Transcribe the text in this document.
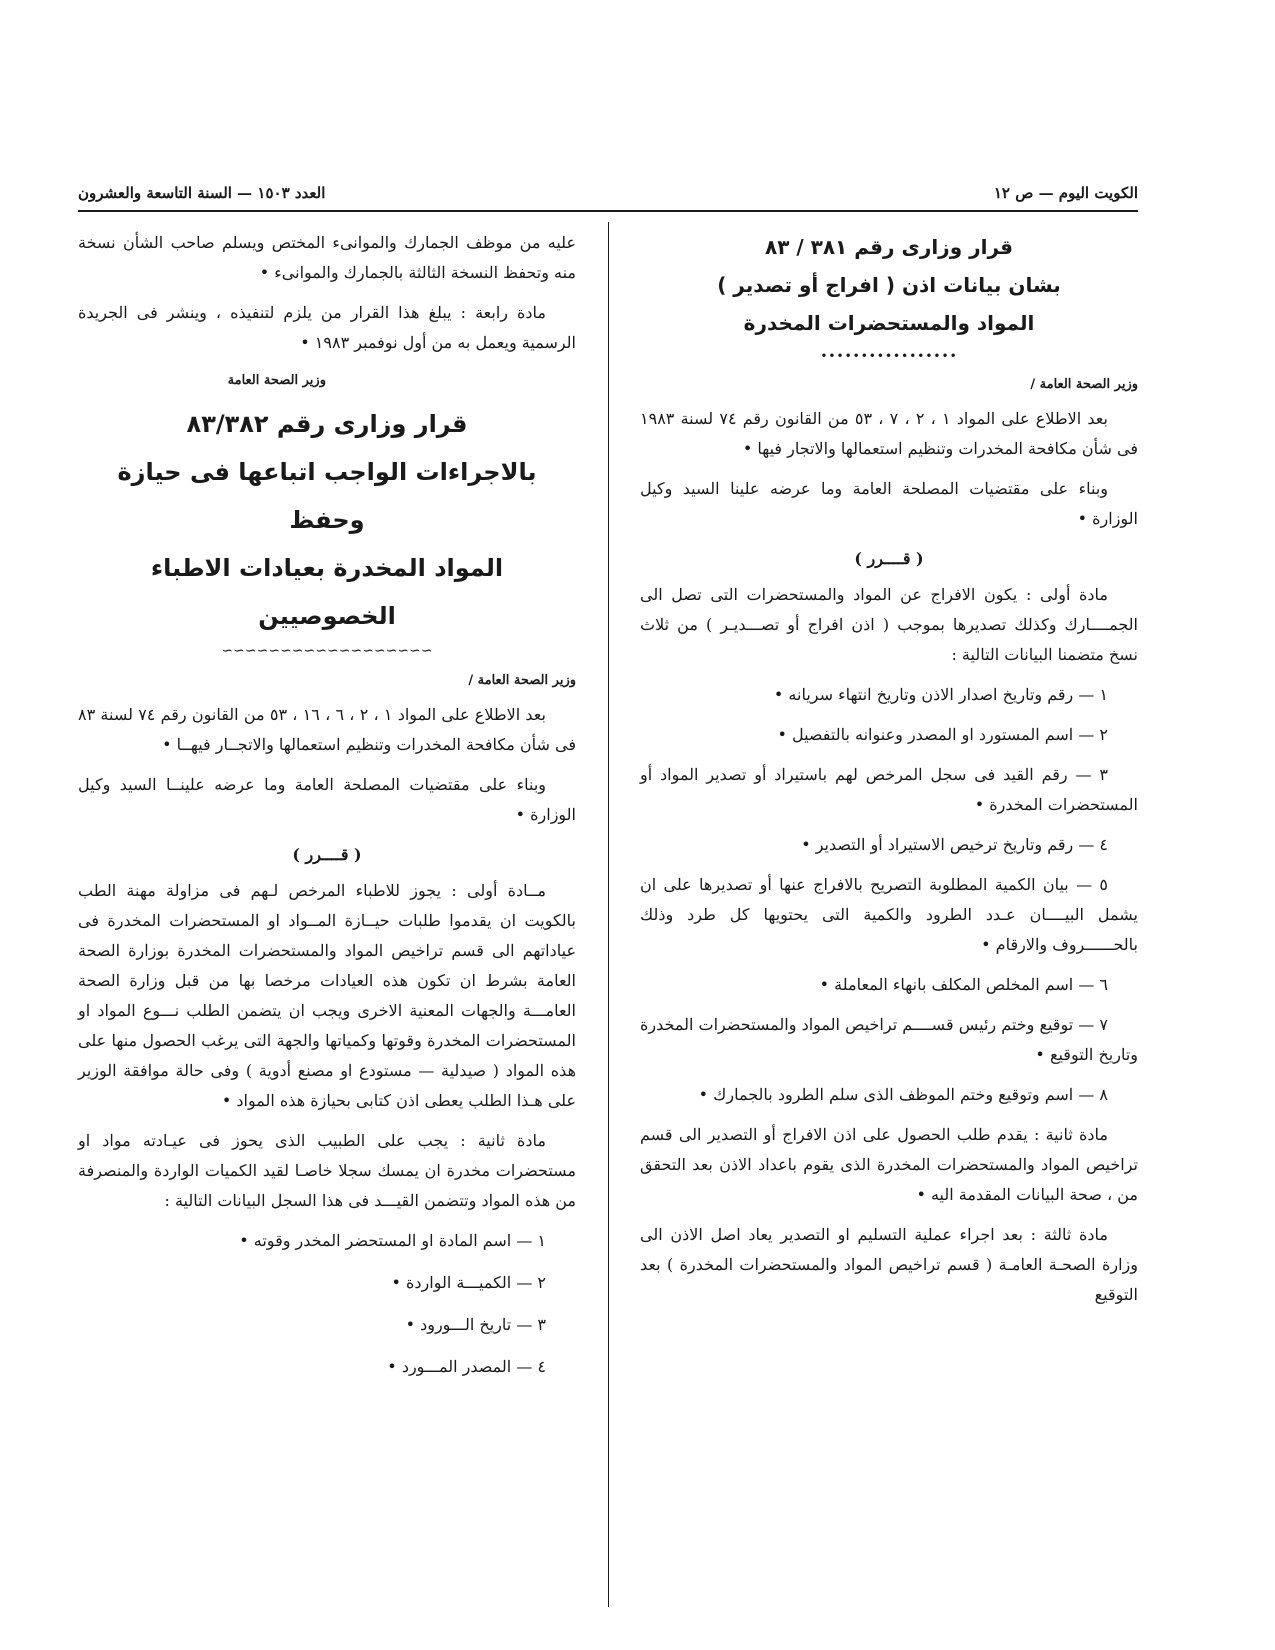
الكويت اليوم — ص ١٢
العدد ١٥٠٣ — السنة التاسعة والعشرون
قرار وزارى رقم ٣٨١ / ٨٣
بشان بيانات اذن ( افراج أو تصدير )
المواد والمستحضرات المخدرة
•••••••••••••••••
وزير الصحة العامة /

بعد الاطلاع على المواد ١ ، ٢ ، ٧ ، ٥٣ من القانون رقم ٧٤ لسنة ١٩٨٣ فى شأن مكافحة المخدرات وتنظيم استعمالها والاتجار فيها •

وبناء على مقتضيات المصلحة العامة وما عرضه علينا السيد وكيل الوزارة •

( قــــرر )

مادة أولى : يكون الافراج عن المواد والمستحضرات التى تصل الى الجمــــارك وكذلك تصديرها بموجب ( اذن افراج أو تصـــديـر ) من ثلاث نسخ متضمنا البيانات التالية :

١ — رقم وتاريخ اصدار الاذن وتاريخ انتهاء سريانه •

٢ — اسم المستورد او المصدر وعنوانه بالتفصيل •

٣ — رقم القيد فى سجل المرخص لهم باستيراد أو تصدير المواد أو المستحضرات المخدرة •

٤ — رقم وتاريخ ترخيص الاستيراد أو التصدير •

٥ — بيان الكمية المطلوبة التصريح بالافراج عنها أو تصديرها على ان يشمل البيــــان عـدد الطرود والكمية التى يحتويها كل طرد وذلك بالحــــــروف والارقام •

٦ — اسم المخلص المكلف بانهاء المعاملة •

٧ — توقيع وختم رئيس قســــم تراخيص المواد والمستحضرات المخدرة وتاريخ التوقيع •

٨ — اسم وتوقيع وختم الموظف الذى سلم الطرود بالجمارك •

مادة ثانية : يقدم طلب الحصول على اذن الافراج أو التصدير الى قسم تراخيص المواد والمستحضرات المخدرة الذى يقوم باعداد الاذن بعد التحقق من ، صحة البيانات المقدمة اليه •

مادة ثالثة : بعد اجراء عملية التسليم او التصدير يعاد اصل الاذن الى وزارة الصحـة العامـة ( قسم تراخيص المواد والمستحضرات المخدرة ) بعد التوقيع

عليه من موظف الجمارك والموانىء المختص ويسلم صاحب الشأن نسخة منه وتحفظ النسخة الثالثة بالجمارك والموانىء •

مادة رابعة : يبلغ هذا القرار من يلزم لتنفيذه ، وينشر فى الجريدة الرسمية ويعمل به من أول نوفمبر ١٩٨٣ •

وزير الصحة العامة
قرار وزارى رقم ٨٣/٣٨٢
بالاجراءات الواجب اتباعها فى حيازة وحفظ
المواد المخدرة بعيادات الاطباء الخصوصيين
∼∼∼∼∼∼∼∼∼∼∼∼∼∼∼∼∼∼
وزير الصحة العامة /

بعد الاطلاع على المواد ١ ، ٢ ، ٦ ، ١٦ ، ٥٣ من القانون رقم ٧٤ لسنة ٨٣ فى شأن مكافحة المخدرات وتنظيم استعمالها والاتجــار فيهــا •

وبناء على مقتضيات المصلحة العامة وما عرضه علينــا السيد وكيل الوزارة •

( قــــرر )

مــادة أولى : يجوز للاطباء المرخص لـهم فى مزاولة مهنة الطب بالكويت ان يقدموا طلبات حيــازة المــواد او المستحضرات المخدرة فى عياداتهم الى قسم تراخيص المواد والمستحضرات المخدرة بوزارة الصحة العامة بشرط ان تكون هذه العيادات مرخصا بها من قبل وزارة الصحة العامـــة والجهات المعنية الاخرى ويجب ان يتضمن الطلب نـــوع المواد او المستحضرات المخدرة وقوتها وكمياتها والجهة التى يرغب الحصول منها على هذه المواد ( صيدلية — مستودع او مصنع أدوية ) وفى حالة موافقة الوزير على هـذا الطلب يعطى اذن كتابى بحيازة هذه المواد •

مادة ثانية : يجب على الطبيب الذى يحوز فى عيـادته مواد او مستحضرات مخدرة ان يمسك سجلا خاصـا لقيد الكميات الواردة والمنصرفة من هذه المواد وتتضمن القيـــد فى هذا السجل البيانات التالية :

١ — اسم المادة او المستحضر المخدر وقوته •
٢ — الكميـــة الواردة •
٣ — تاريخ الـــورود •
٤ — المصدر المـــورد •
